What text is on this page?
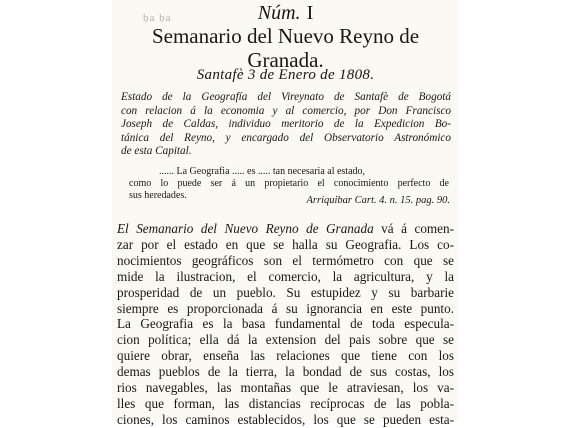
ḅa ḅa	Núm. I
Semanario del Nuevo Reyno de
Granada.
Santafè 3 de Enero de 1808.
Estado de la Geografía del Vireynato de Santafè de Bogotá
con relacion á la economia y al comercio, por Don Francisco
Joseph de Caldas, individuo meritorio de la Expedicion Bo-
tánica del Reyno, y encargado del Observatorio Astronómico
de esta Capital.
...... La Geografia ..... es ..... tan necesaria al estado,
como lo puede ser á un propietario el conocimiento perfecto de
sus heredades.	Arriquibar Cart. 4. n. 15. pag. 90.
El Semanario del Nuevo Reyno de Granada vá á comen-
zar por el estado en que se halla su Geografia. Los co-
nocimientos geográficos son el termómetro con que se
mide la ilustracion, el comercio, la agricultura, y la
prosperidad de un pueblo. Su estupidez y su barbarie
siempre es proporcionada á su ignorancia en este punto.
La Geografia es la basa fundamental de toda especula-
cion política; ella dá la extension del pais sobre que se
quiere obrar, enseña las relaciones que tiene con los
demas pueblos de la tierra, la bondad de sus costas, los
rios navegables, las montañas que le atraviesan, los va-
lles que forman, las distancias recíprocas de las pobla-
ciones, los caminos establecidos, los que se pueden esta-
